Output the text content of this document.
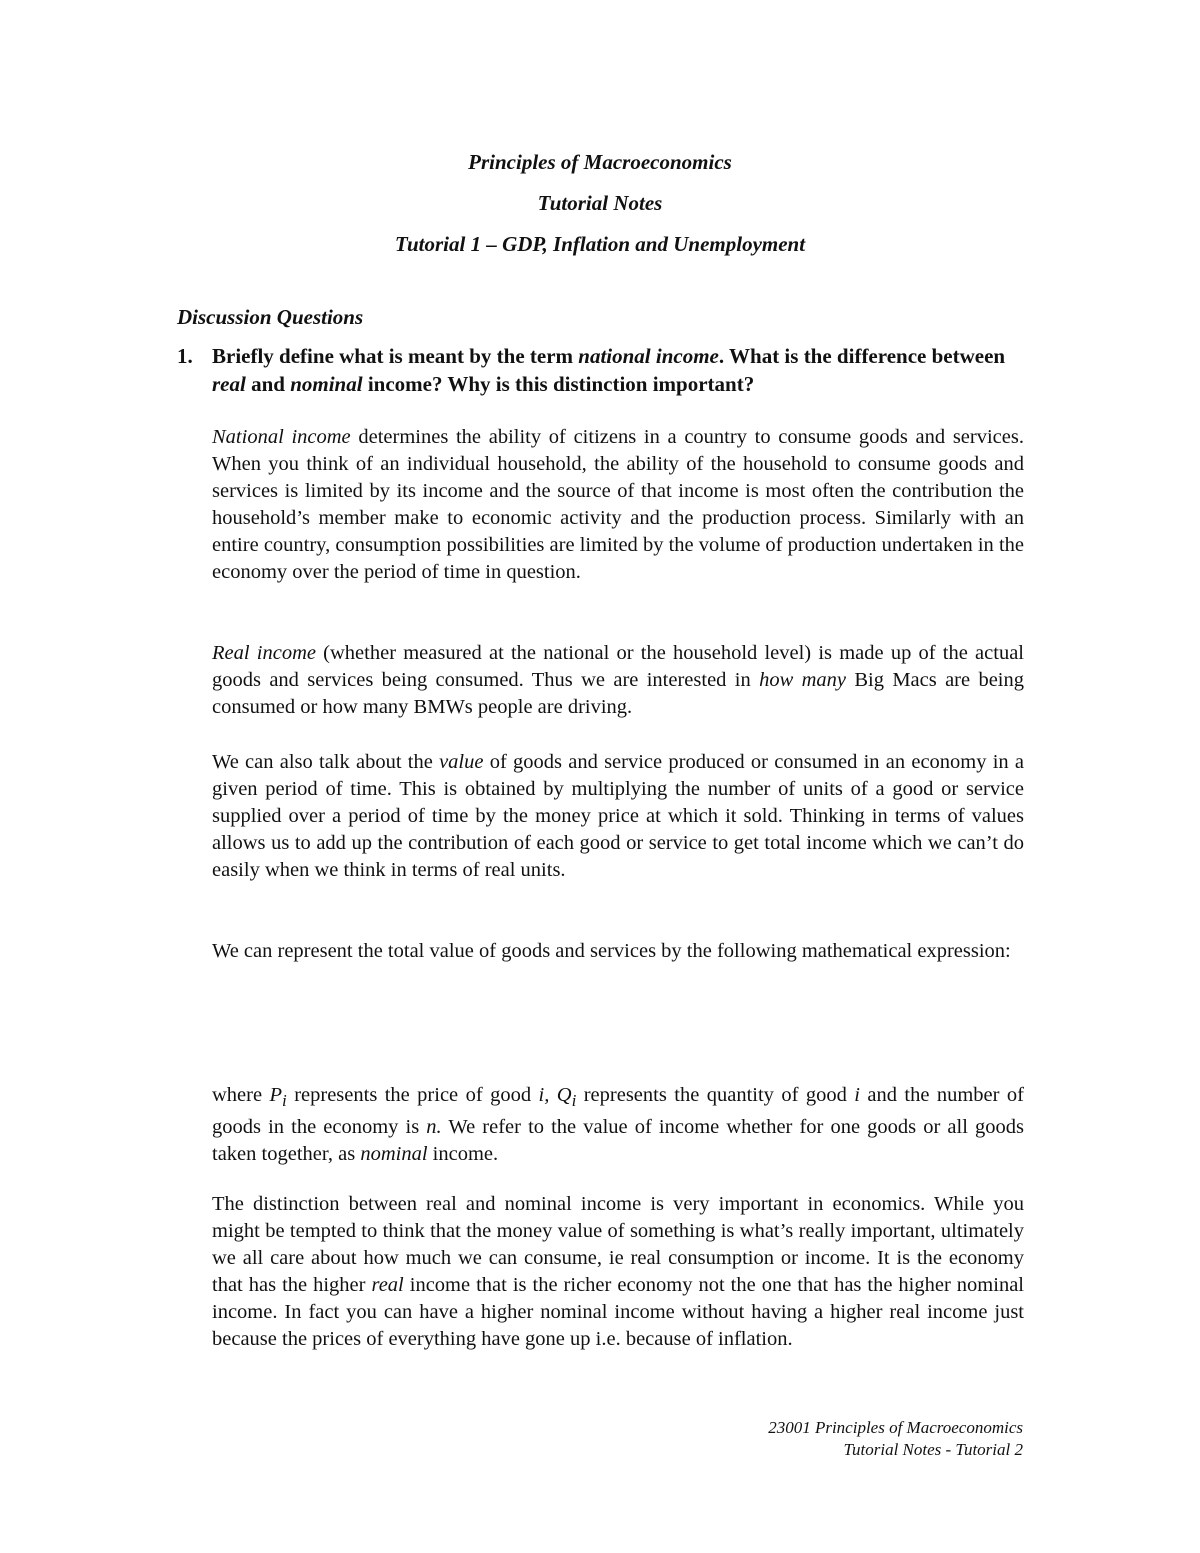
Principles of Macroeconomics
Tutorial Notes
Tutorial 1 – GDP, Inflation and Unemployment
Discussion Questions
1. Briefly define what is meant by the term national income. What is the difference between real and nominal income? Why is this distinction important?

National income determines the ability of citizens in a country to consume goods and services. When you think of an individual household, the ability of the household to consume goods and services is limited by its income and the source of that income is most often the contribution the household’s member make to economic activity and the production process. Similarly with an entire country, consumption possibilities are limited by the volume of production undertaken in the economy over the period of time in question.

Real income (whether measured at the national or the household level) is made up of the actual goods and services being consumed. Thus we are interested in how many Big Macs are being consumed or how many BMWs people are driving.

We can also talk about the value of goods and service produced or consumed in an economy in a given period of time. This is obtained by multiplying the number of units of a good or service supplied over a period of time by the money price at which it sold. Thinking in terms of values allows us to add up the contribution of each good or service to get total income which we can’t do easily when we think in terms of real units.

We can represent the total value of goods and services by the following mathematical expression:

where $P_i$ represents the price of good i, $Q_i$ represents the quantity of good i and the number of goods in the economy is n. We refer to the value of income whether for one goods or all goods taken together, as nominal income.

The distinction between real and nominal income is very important in economics. While you might be tempted to think that the money value of something is what’s really important, ultimately we all care about how much we can consume, ie real consumption or income. It is the economy that has the higher real income that is the richer economy not the one that has the higher nominal income. In fact you can have a higher nominal income without having a higher real income just because the prices of everything have gone up i.e. because of inflation.

23001 Principles of Macroeconomics
Tutorial Notes - Tutorial 2
